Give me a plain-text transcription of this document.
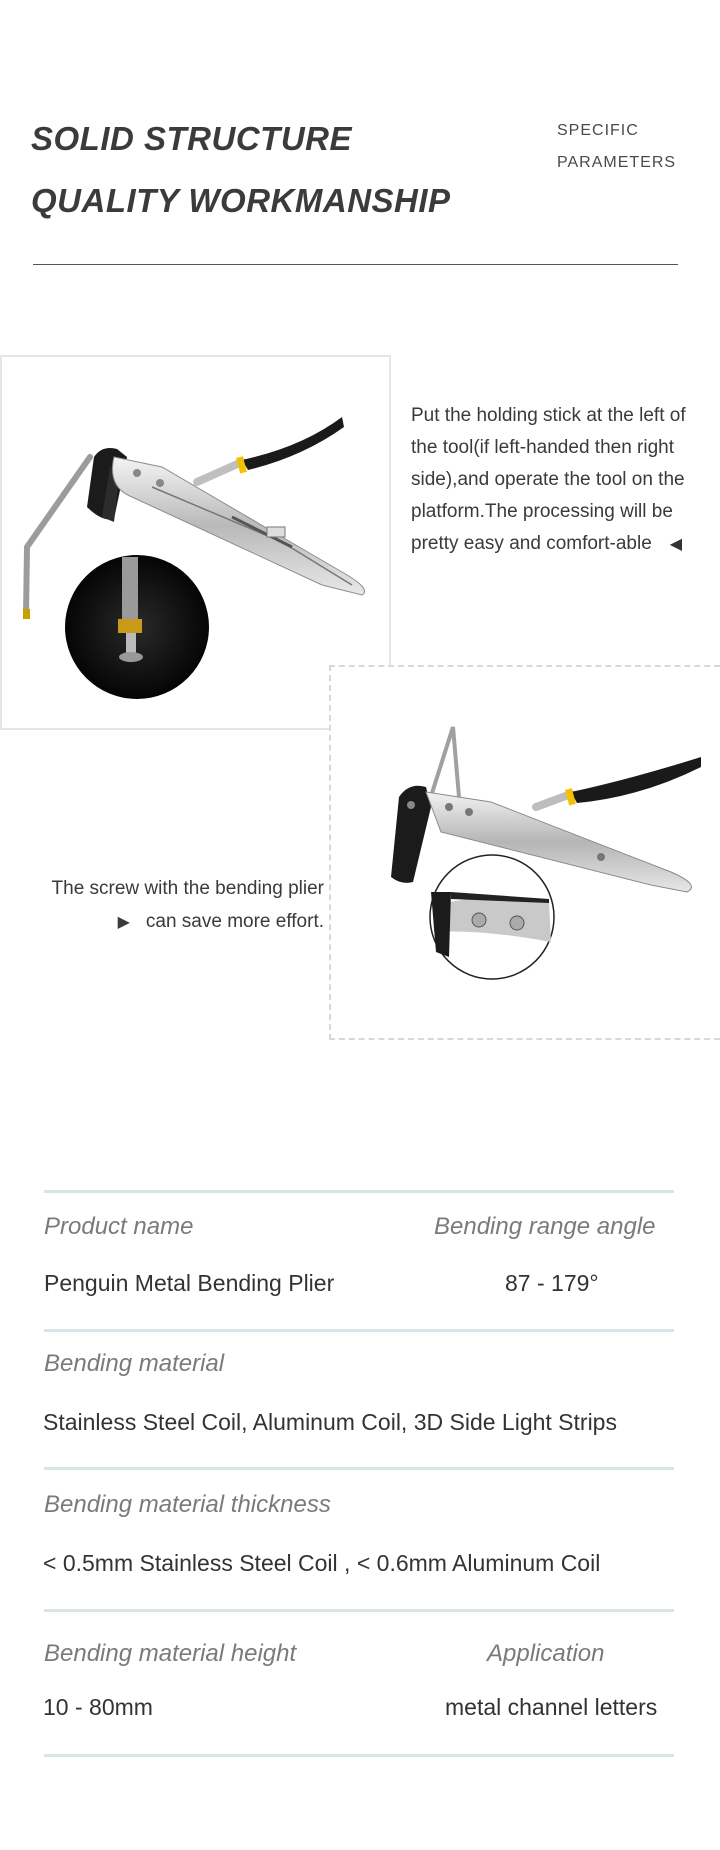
SOLID STRUCTURE
QUALITY WORKMANSHIP
SPECIFIC
PARAMETERS
Put the holding stick at the left of the tool(if left-handed then right side),and operate the tool on the platform.The processing will be pretty easy and comfort-able ◀
The screw with the bending plier
▶ can save more effort.
Product name	Bending range angle
Penguin Metal Bending Plier	87 - 179°
Bending material
Stainless Steel Coil, Aluminum Coil, 3D Side Light Strips
Bending material thickness
< 0.5mm Stainless Steel Coil , < 0.6mm Aluminum Coil
Bending material height	Application
10 - 80mm	metal channel letters
